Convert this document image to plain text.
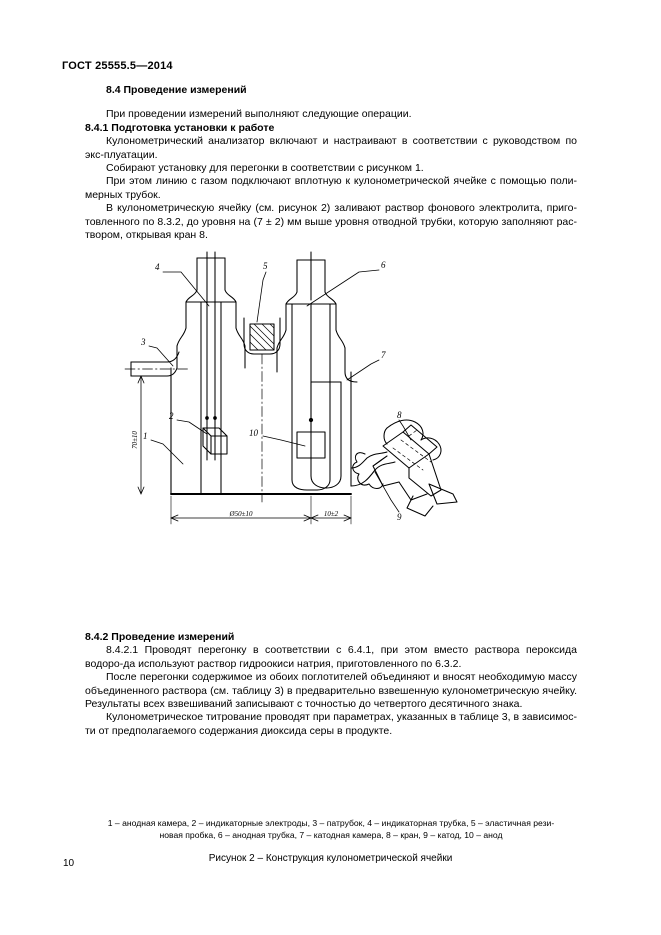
ГОСТ 25555.5—2014

8.4 Проведение измерений

При проведении измерений выполняют следующие операции.

8.4.1 Подготовка установки к работе

Кулонометрический анализатор включают и настраивают в соответствии с руководством по экс-плуатации.

Собирают установку для перегонки в соответствии с рисунком 1.

При этом линию с газом подключают вплотную к кулонометрической ячейке с помощью поли-мерных трубок.

В кулонометрическую ячейку (см. рисунок 2) заливают раствор фонового электролита, приго-товленного по 8.3.2, до уровня на (7 ± 2) мм выше уровня отводной трубки, которую заполняют рас-твором, открывая кран 8.

4	5	6
3
7
2
1	10
8
9
70±10
Ø50±10	10±2
1 – анодная камера, 2 – индикаторные электроды, 3 – патрубок, 4 – индикаторная трубка, 5 – эластичная рези-
новая пробка, 6 – анодная трубка, 7 – катодная камера, 8 – кран, 9 – катод, 10 – анод
Рисунок 2 – Конструкция кулонометрической ячейки

8.4.2 Проведение измерений

8.4.2.1 Проводят перегонку в соответствии с 6.4.1, при этом вместо раствора пероксида водоро-да используют раствор гидроокиси натрия, приготовленного по 6.3.2.

После перегонки содержимое из обоих поглотителей объединяют и вносят необходимую массу объединенного раствора (см. таблицу 3) в предварительно взвешенную кулонометрическую ячейку. Результаты всех взвешиваний записывают с точностью до четвертого десятичного знака.

Кулонометрическое титрование проводят при параметрах, указанных в таблице 3, в зависимос-ти от предполагаемого содержания диоксида серы в продукте.

10
